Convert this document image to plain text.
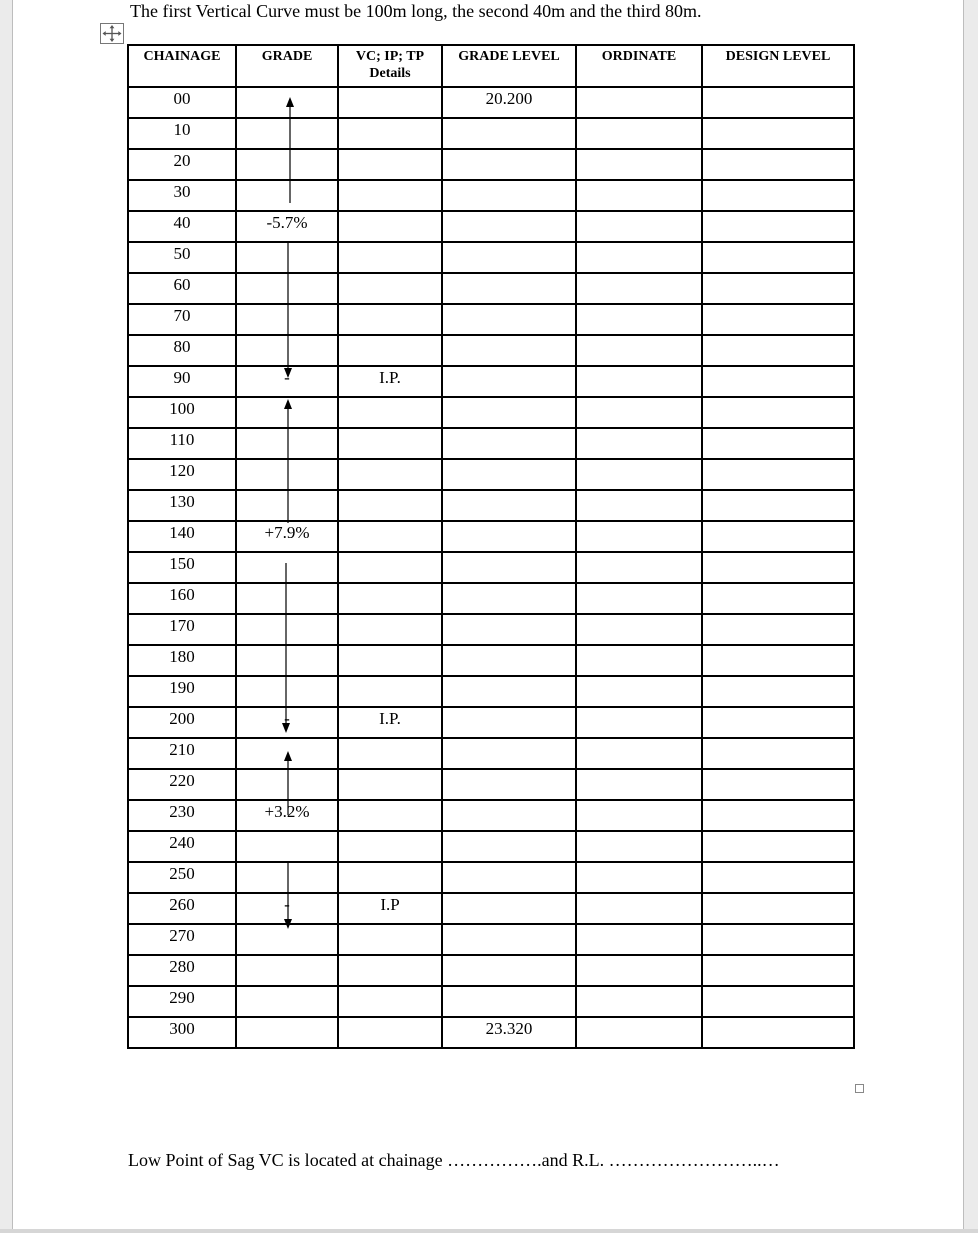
The first Vertical Curve must be 100m long, the second 40m and the third 80m.
CHAINAGE	GRADE	VC; IP; TP
Details	GRADE LEVEL	ORDINATE	DESIGN LEVEL
00			20.200		
10					
20					
30					
40	-5.7%				
50					
60					
70					
80					
90	-	I.P.			
100					
110					
120					
130					
140	+7.9%				
150					
160					
170					
180					
190					
200	-	I.P.			
210					
220					
230	+3.2%				
240					
250					
260	-	I.P			
270					
280					
290					
300			23.320		
Low Point of Sag VC is located at chainage …………….and R.L. ……………………..…
